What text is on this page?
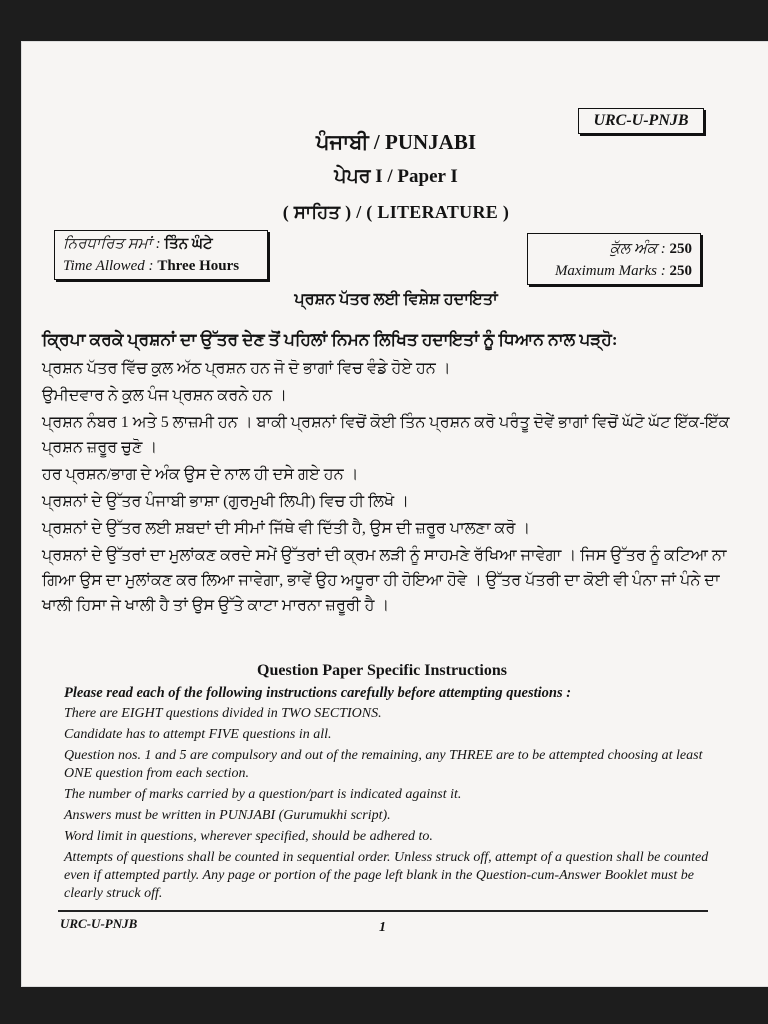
URC-U-PNJB
ਪੰਜਾਬੀ / PUNJABI
ਪੇਪਰ I / Paper I
( ਸਾਹਿਤ ) / ( LITERATURE )
ਨਿਰਧਾਰਿਤ ਸਮਾਂ : ਤਿੰਨ ਘੰਟੇ
Time Allowed : Three Hours
ਕੁੱਲ ਅੰਕ : 250
Maximum Marks : 250
ਪ੍ਰਸ਼ਨ ਪੱਤਰ ਲਈ ਵਿਸ਼ੇਸ਼ ਹਦਾਇਤਾਂ
ਕ੍ਰਿਪਾ ਕਰਕੇ ਪ੍ਰਸ਼ਨਾਂ ਦਾ ਉੱਤਰ ਦੇਣ ਤੋਂ ਪਹਿਲਾਂ ਨਿਮਨ ਲਿਖਿਤ ਹਦਾਇਤਾਂ ਨੂੰ ਧਿਆਨ ਨਾਲ ਪੜ੍ਹੋ:
ਪ੍ਰਸ਼ਨ ਪੱਤਰ ਵਿੱਚ ਕੁਲ ਅੱਠ ਪ੍ਰਸ਼ਨ ਹਨ ਜੋ ਦੋ ਭਾਗਾਂ ਵਿਚ ਵੰਡੇ ਹੋਏ ਹਨ ।
ਉਮੀਦਵਾਰ ਨੇ ਕੁਲ ਪੰਜ ਪ੍ਰਸ਼ਨ ਕਰਨੇ ਹਨ ।
ਪ੍ਰਸ਼ਨ ਨੰਬਰ 1 ਅਤੇ 5 ਲਾਜ਼ਮੀ ਹਨ । ਬਾਕੀ ਪ੍ਰਸ਼ਨਾਂ ਵਿਚੋਂ ਕੋਈ ਤਿੰਨ ਪ੍ਰਸ਼ਨ ਕਰੋ ਪਰੰਤੂ ਦੋਵੇਂ ਭਾਗਾਂ ਵਿਚੋਂ ਘੱਟੋ ਘੱਟ ਇੱਕ-ਇੱਕ ਪ੍ਰਸ਼ਨ ਜ਼ਰੂਰ ਚੁਣੋ ।
ਹਰ ਪ੍ਰਸ਼ਨ/ਭਾਗ ਦੇ ਅੰਕ ਉਸ ਦੇ ਨਾਲ ਹੀ ਦਸੇ ਗਏ ਹਨ ।
ਪ੍ਰਸ਼ਨਾਂ ਦੇ ਉੱਤਰ ਪੰਜਾਬੀ ਭਾਸ਼ਾ (ਗੁਰਮੁਖੀ ਲਿਪੀ) ਵਿਚ ਹੀ ਲਿਖੋ ।
ਪ੍ਰਸ਼ਨਾਂ ਦੇ ਉੱਤਰ ਲਈ ਸ਼ਬਦਾਂ ਦੀ ਸੀਮਾਂ ਜਿੱਥੇ ਵੀ ਦਿੱਤੀ ਹੈ, ਉਸ ਦੀ ਜ਼ਰੂਰ ਪਾਲਣਾ ਕਰੋ ।
ਪ੍ਰਸ਼ਨਾਂ ਦੇ ਉੱਤਰਾਂ ਦਾ ਮੁਲਾਂਕਣ ਕਰਦੇ ਸਮੇਂ ਉੱਤਰਾਂ ਦੀ ਕ੍ਰਮ ਲੜੀ ਨੂੰ ਸਾਹਮਣੇ ਰੱਖਿਆ ਜਾਵੇਗਾ । ਜਿਸ ਉੱਤਰ ਨੂੰ ਕਟਿਆ ਨਾ ਗਿਆ ਉਸ ਦਾ ਮੁਲਾਂਕਣ ਕਰ ਲਿਆ ਜਾਵੇਗਾ, ਭਾਵੇਂ ਉਹ ਅਧੂਰਾ ਹੀ ਹੋਇਆ ਹੋਵੇ । ਉੱਤਰ ਪੱਤਰੀ ਦਾ ਕੋਈ ਵੀ ਪੰਨਾ ਜਾਂ ਪੰਨੇ ਦਾ ਖਾਲੀ ਹਿਸਾ ਜੇ ਖਾਲੀ ਹੈ ਤਾਂ ਉਸ ਉੱਤੇ ਕਾਟਾ ਮਾਰਨਾ ਜ਼ਰੂਰੀ ਹੈ ।
Question Paper Specific Instructions
Please read each of the following instructions carefully before attempting questions :
There are EIGHT questions divided in TWO SECTIONS.
Candidate has to attempt FIVE questions in all.
Question nos. 1 and 5 are compulsory and out of the remaining, any THREE are to be attempted choosing at least ONE question from each section.
The number of marks carried by a question/part is indicated against it.
Answers must be written in PUNJABI (Gurumukhi script).
Word limit in questions, wherever specified, should be adhered to.
Attempts of questions shall be counted in sequential order. Unless struck off, attempt of a question shall be counted even if attempted partly. Any page or portion of the page left blank in the Question-cum-Answer Booklet must be clearly struck off.
URC-U-PNJB	1
